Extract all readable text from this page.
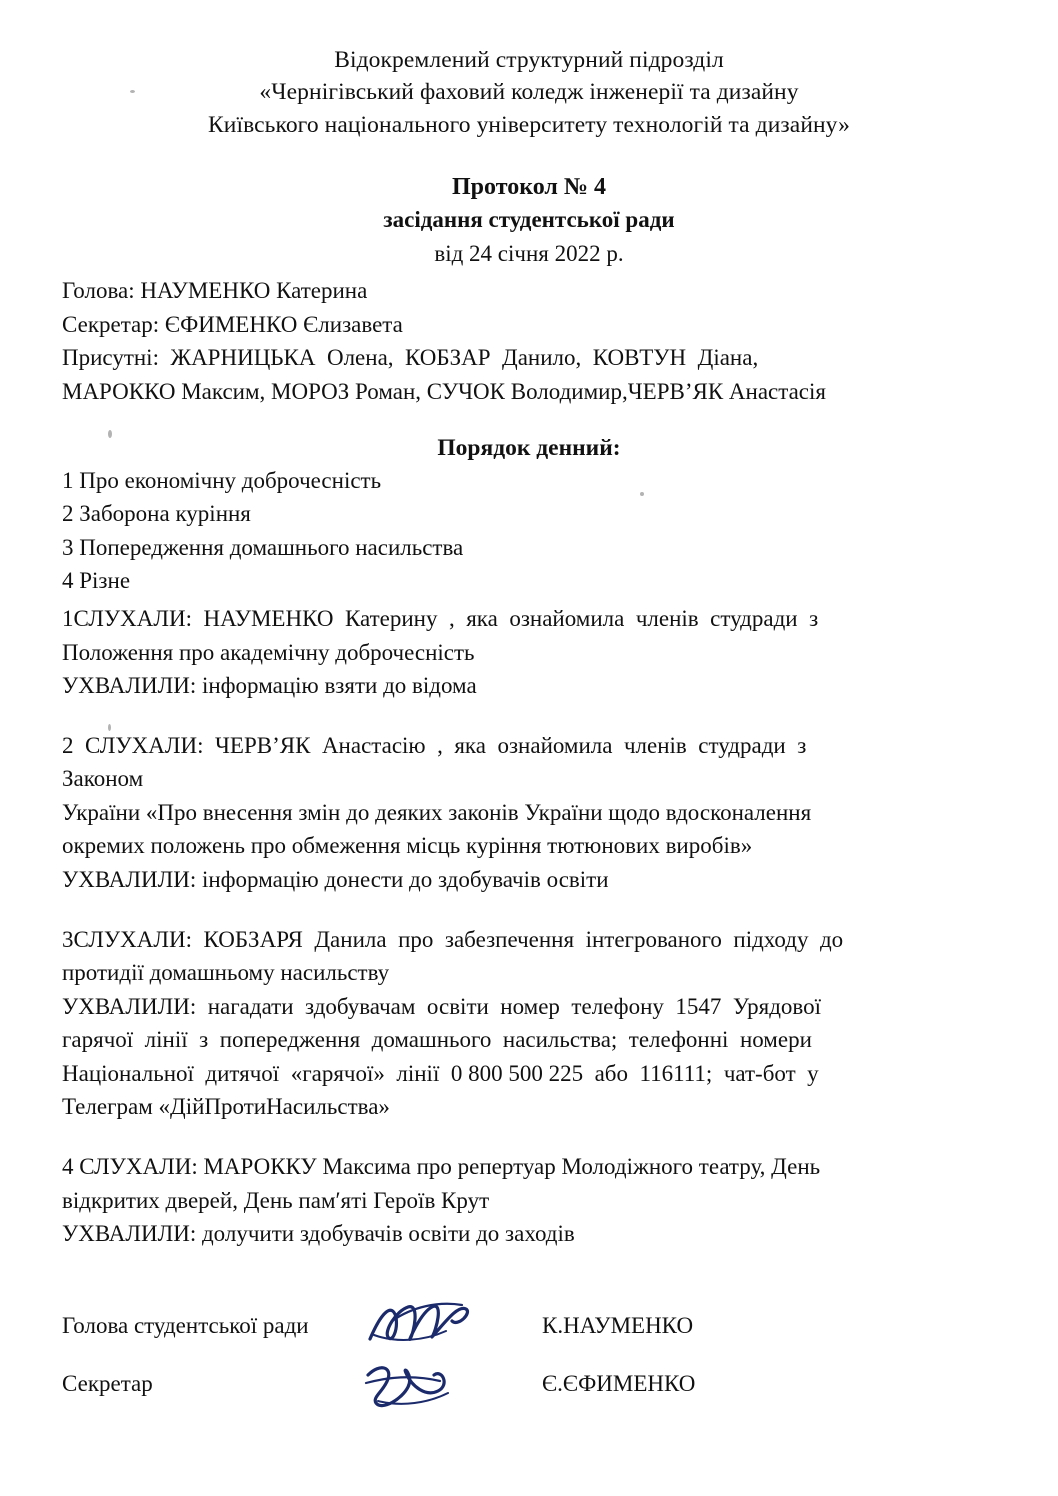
Відокремлений структурний підрозділ
«Чернігівський фаховий коледж інженерії та дизайну
Київського національного університету технологій та дизайну»
Протокол № 4
засідання студентської ради
від 24 січня 2022 р.
Голова: НАУМЕНКО Катерина
Секретар: ЄФИМЕНКО Єлизавета
Присутні:  ЖАРНИЦЬКА  Олена,  КОБЗАР  Данило,  КОВТУН  Діана,
МАРОККО Максим, МОРОЗ Роман, СУЧОК Володимир,ЧЕРВ’ЯК Анастасія
Порядок денний:
1 Про економічну доброчесність
2 Заборона куріння
3 Попередження домашнього насильства
4 Різне
1СЛУХАЛИ:  НАУМЕНКО  Катерину  ,  яка  ознайомила  членів  студради  з
Положення про академічну доброчесність
УХВАЛИЛИ: інформацію взяти до відома
2  СЛУХАЛИ:  ЧЕРВ’ЯК  Анастасію  ,  яка  ознайомила  членів  студради  з
Законом
України «Про внесення змін до деяких законів України щодо вдосконалення
окремих положень про обмеження місць куріння тютюнових виробів»
УХВАЛИЛИ: інформацію донести до здобувачів освіти
3СЛУХАЛИ:  КОБЗАРЯ  Данила  про  забезпечення  інтегрованого  підходу  до
протидії домашньому насильству
УХВАЛИЛИ:  нагадати  здобувачам  освіти  номер  телефону  1547  Урядової
гарячої  лінії  з  попередження  домашнього  насильства;  телефонні  номери
Національної  дитячої  «гарячої»  лінії  0 800 500 225  або  116111;  чат-бот  у
Телеграм «ДійПротиНасильства»
4 СЛУХАЛИ: МАРОККУ Максима про репертуар Молодіжного театру, День
відкритих дверей, День пам′яті Героїв Крут
УХВАЛИЛИ: долучити здобувачів освіти до заходів
Голова студентської ради	К.НАУМЕНКО
Секретар	Є.ЄФИМЕНКО
